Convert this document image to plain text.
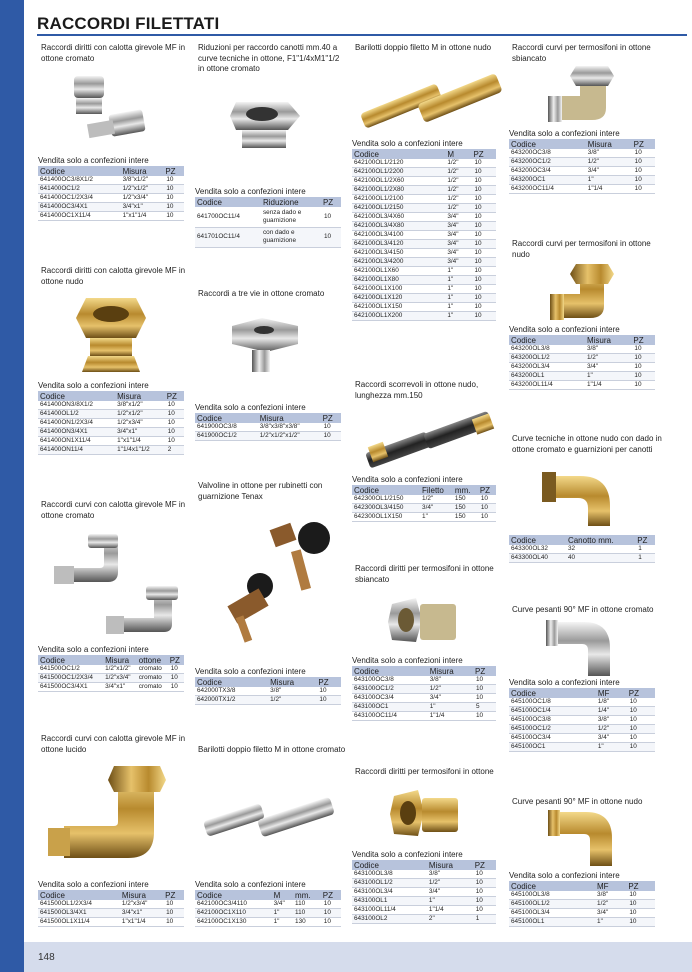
148
RACCORDI FILETTATI
Raccordi diritti con calotta girevole MF in ottone cromato
Vendita solo a confezioni intere
Codice	Misura	PZ
641400OC3/8X1/2	3/8"x1/2"	10
641400OC1/2	1/2"x1/2"	10
641400OC1/2X3/4	1/2"x3/4"	10
641400OC3/4X1	3/4"x1"	10
641400OC1X11/4	1"x1"1/4	10
Raccordi diritti con calotta girevole MF in ottone nudo
Vendita solo a confezioni intere
Codice	Misura	PZ
641400ON3/8X1/2	3/8"x1/2"	10
641400OL1/2	1/2"x1/2"	10
641400ON1/2X3/4	1/2"x3/4"	10
641400ON3/4X1	3/4"x1"	10
641400ON1X11/4	1"x1"1/4	10
641400ON11/4	1"1/4x1"1/2	2
Raccordi curvi con calotta girevole MF in ottone cromato
Vendita solo a confezioni intere
Codice	Misura	ottone	PZ
641500OC1/2	1/2"x1/2"	cromato	10
641500OC1/2X3/4	1/2"x3/4"	cromato	10
641500OC3/4X1	3/4"x1"	cromato	10
Raccordi curvi con calotta girevole MF in ottone lucido
Vendita solo a confezioni intere
Codice	Misura	PZ
641500OL1/2X3/4	1/2"x3/4"	10
641500OL3/4X1	3/4"x1"	10
641500OL1X11/4	1"x1"1/4	10
Riduzioni per raccordo canotti mm.40 a curve tecniche in ottone, F1"1/4xM1"1/2 in ottone cromato
Vendita solo a confezioni intere
Codice	Riduzione	PZ
641700OC11/4	senza dado e guarnizione	10
641701OC11/4	con dado e guarnizione	10
Raccordi a tre vie in ottone cromato
Vendita solo a confezioni intere
Codice	Misura	PZ
641900OC3/8	3/8"x3/8"x3/8"	10
641900OC1/2	1/2"x1/2"x1/2"	10
Valvoline in ottone per rubinetti con guarnizione Tenax
Vendita solo a confezioni intere
Codice	Misura	PZ
642000TX3/8	3/8"	10
642000TX1/2	1/2"	10
Barilotti doppio filetto M in ottone cromato
Vendita solo a confezioni intere
Codice	M	mm.	PZ
642100OC3/4110	3/4"	110	10
642100OC1X110	1"	110	10
642100OC1X130	1"	130	10
Barilotti doppio filetto M in ottone nudo
Vendita solo a confezioni intere
Codice	M	PZ
642100OL1/2120	1/2"	10
642100OL1/2200	1/2"	10
642100OL1/2X60	1/2"	10
642100OL1/2X80	1/2"	10
642100OL1/2100	1/2"	10
642100OL1/2150	1/2"	10
642100OL3/4X60	3/4"	10
642100OL3/4X80	3/4"	10
642100OL3/4100	3/4"	10
642100OL3/4120	3/4"	10
642100OL3/4150	3/4"	10
642100OL3/4200	3/4"	10
642100OL1X60	1"	10
642100OL1X80	1"	10
642100OL1X100	1"	10
642100OL1X120	1"	10
642100OL1X150	1"	10
642100OL1X200	1"	10
Raccordi scorrevoli in ottone nudo, lunghezza mm.150
Vendita solo a confezioni intere
Codice	Filetto	mm.	PZ
642300OL1/2150	1/2"	150	10
642300OL3/4150	3/4"	150	10
642300OL1X150	1"	150	10
Raccordi diritti per termosifoni in ottone sbiancato
Vendita solo a confezioni intere
Codice	Misura	PZ
643100OC3/8	3/8"	10
643100OC1/2	1/2"	10
643100OC3/4	3/4"	10
643100OC1	1"	5
643100OC11/4	1"1/4	10
Raccordi diritti per termosifoni in ottone
Vendita solo a confezioni intere
Codice	Misura	PZ
643100OL3/8	3/8"	10
643100OL1/2	1/2"	10
643100OL3/4	3/4"	10
643100OL1	1"	10
643100OL11/4	1"1/4	10
643100OL2	2"	1
Raccordi curvi per termosifoni in ottone sbiancato
Vendita solo a confezioni intere
Codice	Misura	PZ
643200OC3/8	3/8"	10
643200OC1/2	1/2"	10
643200OC3/4	3/4"	10
643200OC1	1"	10
643200OC11/4	1"1/4	10
Raccordi curvi per termosifoni in ottone nudo
Vendita solo a confezioni intere
Codice	Misura	PZ
643200OL3/8	3/8"	10
643200OL1/2	1/2"	10
643200OL3/4	3/4"	10
643200OL1	1"	10
643200OL11/4	1"1/4	10
Curve tecniche in ottone nudo con dado in ottone cromato e guarnizioni per canotti
Codice	Canotto mm.	PZ
643300OL32	32	1
643300OL40	40	1
Curve pesanti 90° MF in ottone cromato
Vendita solo a confezioni intere
Codice	MF	PZ
645100OC1/8	1/8"	10
645100OC1/4	1/4"	10
645100OC3/8	3/8"	10
645100OC1/2	1/2"	10
645100OC3/4	3/4"	10
645100OC1	1"	10
Curve pesanti 90° MF in ottone nudo
Vendita solo a confezioni intere
Codice	MF	PZ
645100OL3/8	3/8"	10
645100OL1/2	1/2"	10
645100OL3/4	3/4"	10
645100OL1	1"	10
